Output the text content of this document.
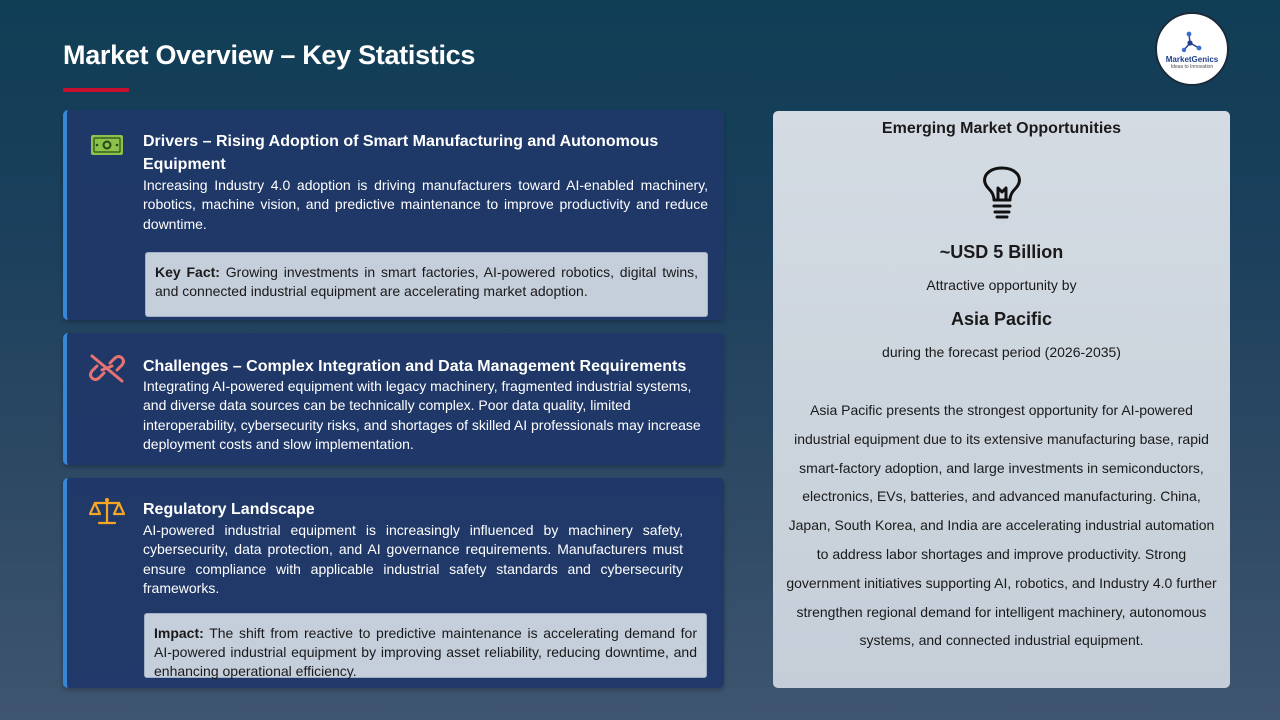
Market Overview – Key Statistics	MarketGenics
Ideas to Innovation
Drivers – Rising Adoption of Smart Manufacturing and Autonomous Equipment

Increasing Industry 4.0 adoption is driving manufacturers toward AI-enabled machinery, robotics, machine vision, and predictive maintenance to improve productivity and reduce downtime.

Key Fact: Growing investments in smart factories, AI-powered robotics, digital twins, and connected industrial equipment are accelerating market adoption.
Challenges – Complex Integration and Data Management Requirements

Integrating AI-powered equipment with legacy machinery, fragmented industrial systems, and diverse data sources can be technically complex. Poor data quality, limited interoperability, cybersecurity risks, and shortages of skilled AI professionals may increase deployment costs and slow implementation.

Regulatory Landscape

AI-powered industrial equipment is increasingly influenced by machinery safety, cybersecurity, data protection, and AI governance requirements. Manufacturers must ensure compliance with applicable industrial safety standards and cybersecurity frameworks.

Impact: The shift from reactive to predictive maintenance is accelerating demand for AI-powered industrial equipment by improving asset reliability, reducing downtime, and enhancing operational efficiency.
Emerging Market Opportunities
~USD 5 Billion
Attractive opportunity by
Asia Pacific
during the forecast period (2026-2035)
Asia Pacific presents the strongest opportunity for AI-powered industrial equipment due to its extensive manufacturing base, rapid smart-factory adoption, and large investments in semiconductors, electronics, EVs, batteries, and advanced manufacturing. China, Japan, South Korea, and India are accelerating industrial automation to address labor shortages and improve productivity. Strong government initiatives supporting AI, robotics, and Industry 4.0 further strengthen regional demand for intelligent machinery, autonomous systems, and connected industrial equipment.
